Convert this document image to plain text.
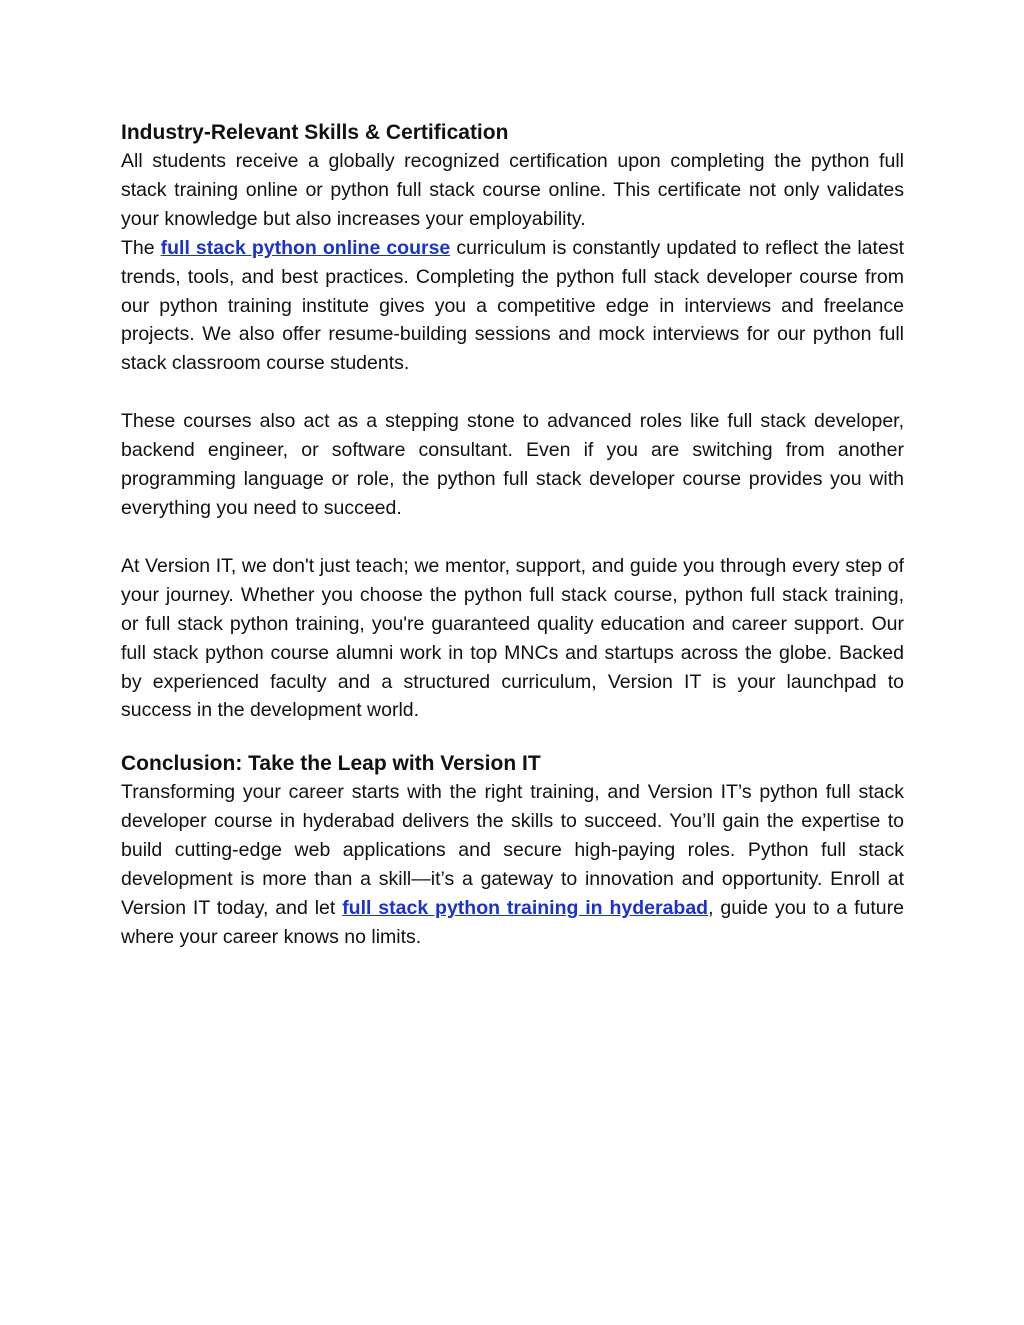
Industry-Relevant Skills & Certification

All students receive a globally recognized certification upon completing the python full stack training online or python full stack course online. This certificate not only validates your knowledge but also increases your employability.

The full stack python online course curriculum is constantly updated to reflect the latest trends, tools, and best practices. Completing the python full stack developer course from our python training institute gives you a competitive edge in interviews and freelance projects. We also offer resume-building sessions and mock interviews for our python full stack classroom course students.

These courses also act as a stepping stone to advanced roles like full stack developer, backend engineer, or software consultant. Even if you are switching from another programming language or role, the python full stack developer course provides you with everything you need to succeed.

At Version IT, we don't just teach; we mentor, support, and guide you through every step of your journey. Whether you choose the python full stack course, python full stack training, or full stack python training, you're guaranteed quality education and career support. Our full stack python course alumni work in top MNCs and startups across the globe. Backed by experienced faculty and a structured curriculum, Version IT is your launchpad to success in the development world.

Conclusion: Take the Leap with Version IT

Transforming your career starts with the right training, and Version IT’s python full stack developer course in hyderabad delivers the skills to succeed. You’ll gain the expertise to build cutting-edge web applications and secure high-paying roles. Python full stack development is more than a skill—it’s a gateway to innovation and opportunity. Enroll at Version IT today, and let full stack python training in hyderabad, guide you to a future where your career knows no limits.
